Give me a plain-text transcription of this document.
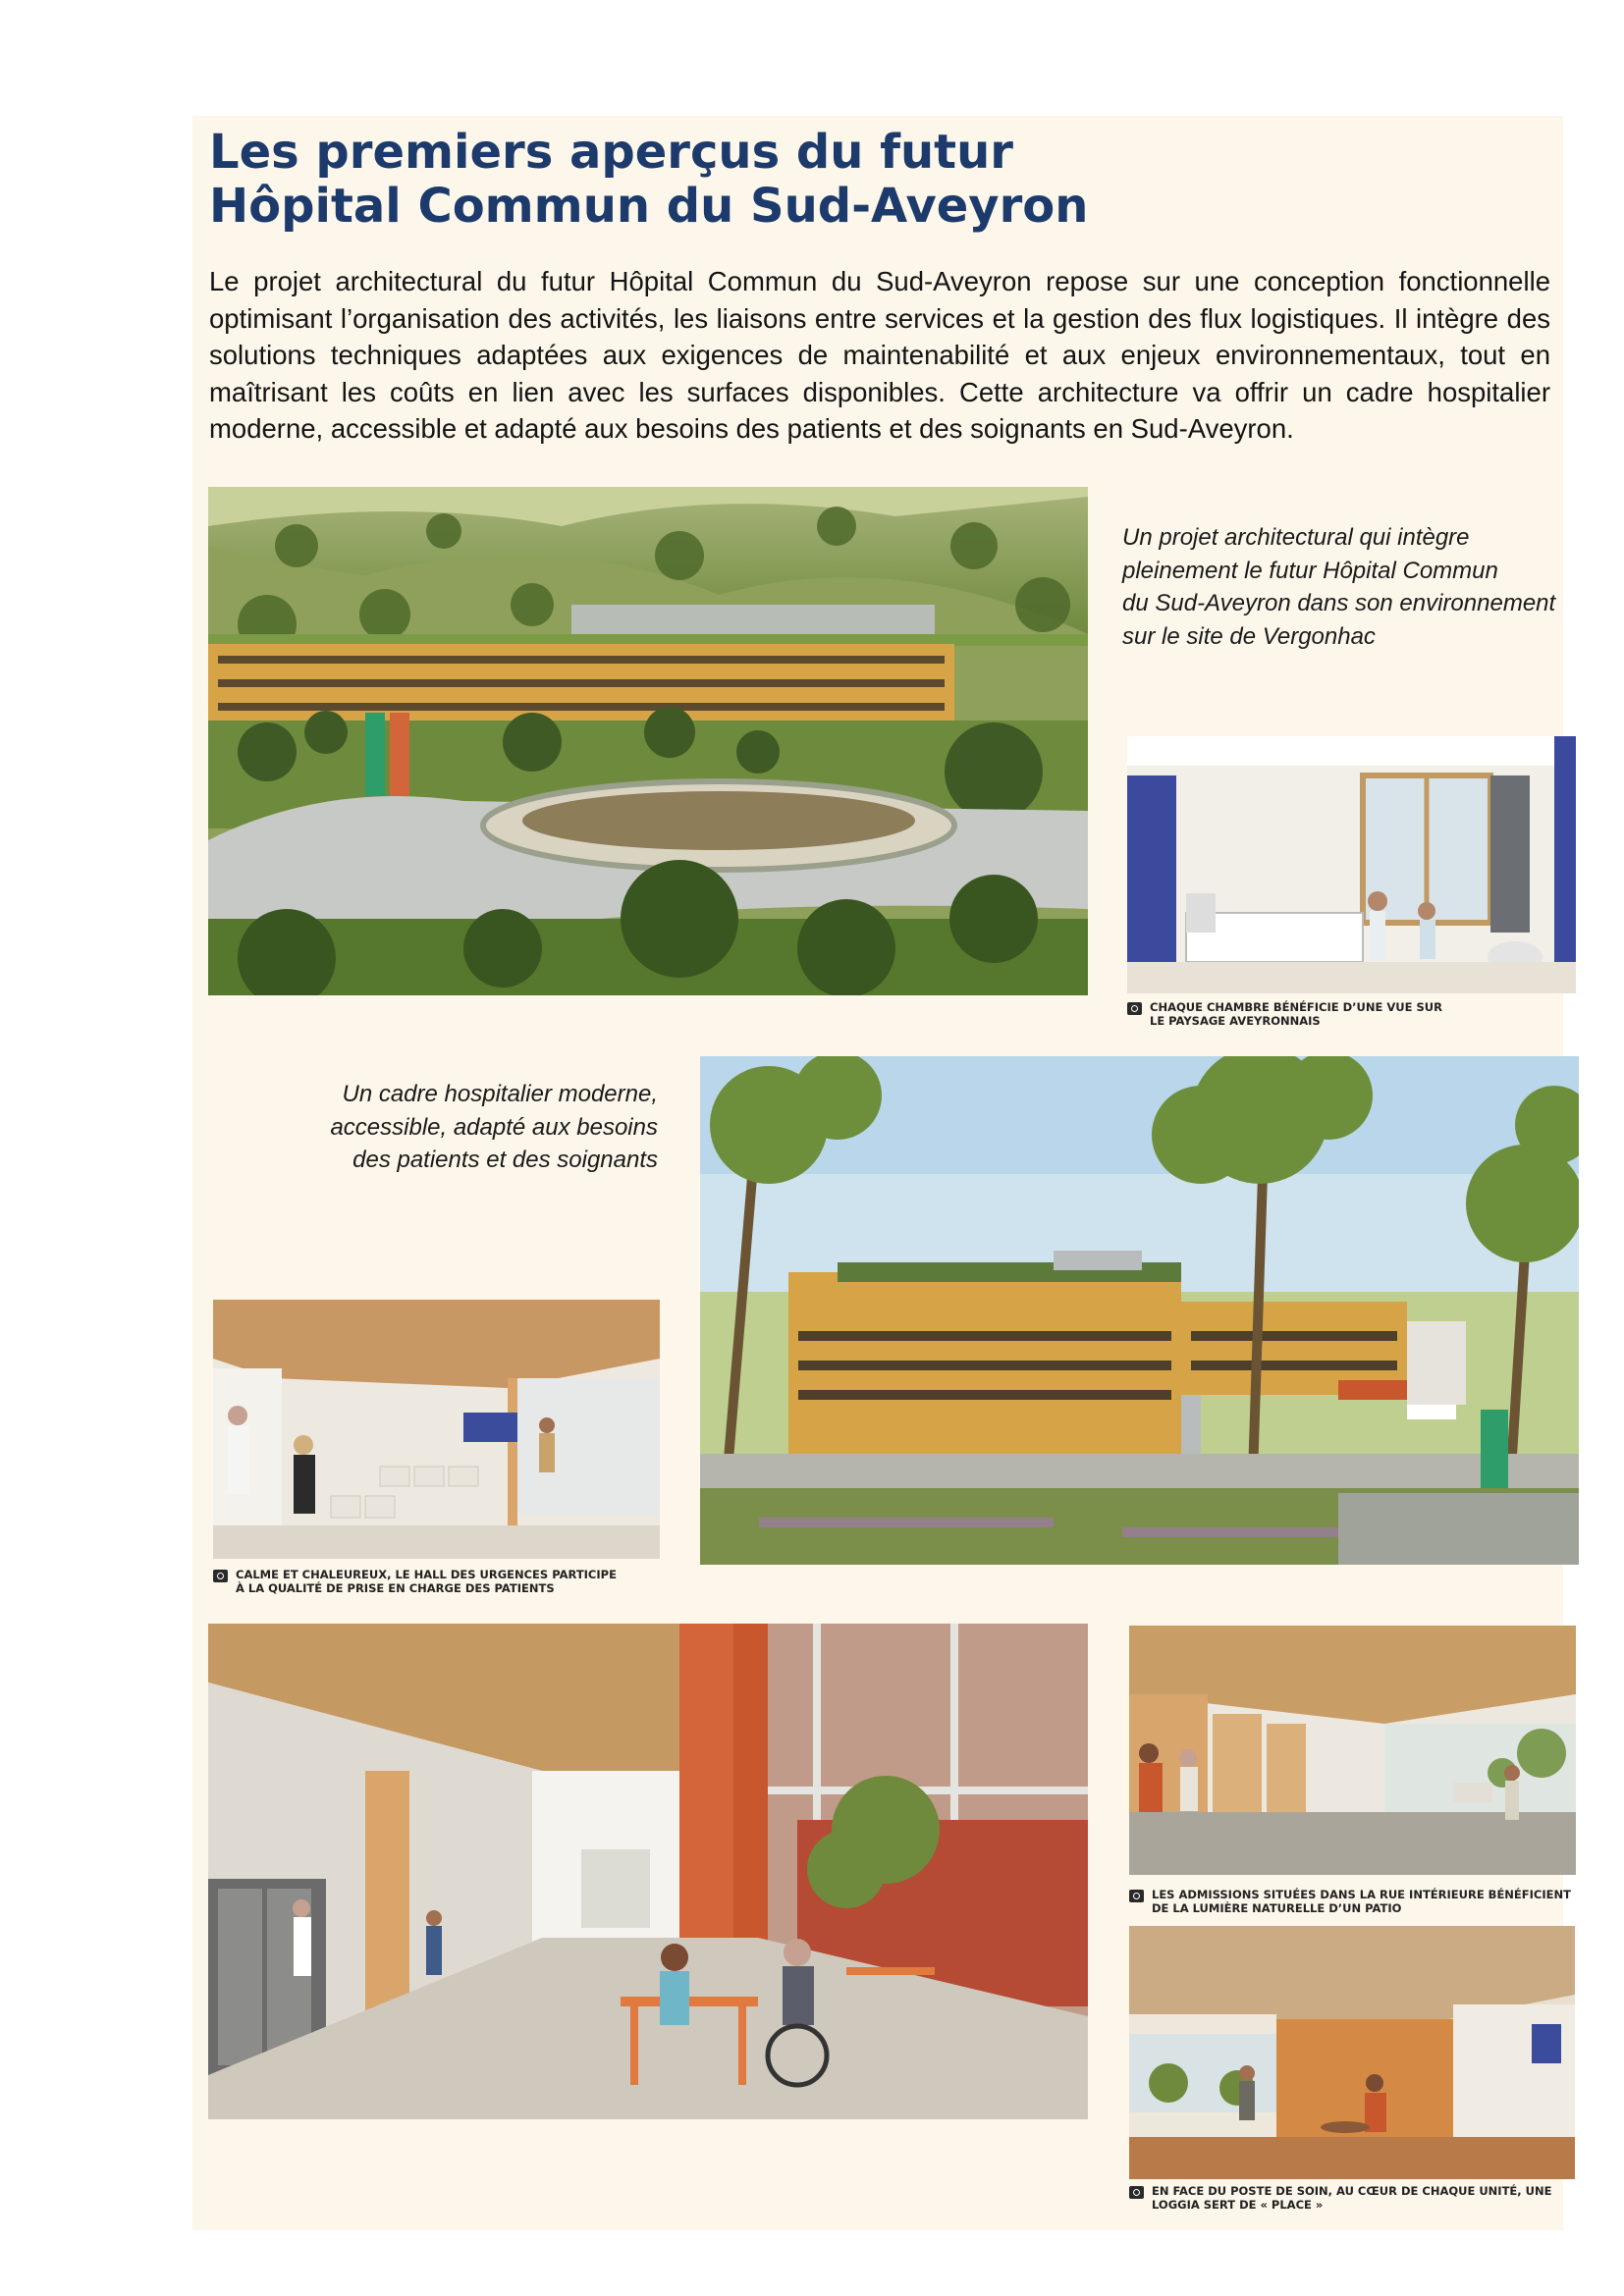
Les premiers aperçus du futur
Hôpital Commun du Sud-Aveyron
Le projet architectural du futur Hôpital Commun du Sud-Aveyron repose sur une conception fonctionnelle optimisant l’organisation des activités, les liaisons entre services et la gestion des flux logistiques. Il intègre des solutions techniques adaptées aux exigences de maintenabilité et aux enjeux environnementaux, tout en maîtrisant les coûts en lien avec les surfaces disponibles. Cette architecture va offrir un cadre hospitalier moderne, accessible et adapté aux besoins des patients et des soignants en Sud-Aveyron.
Un projet architectural qui intègre
pleinement le futur Hôpital Commun
du Sud-Aveyron dans son environnement
sur le site de Vergonhac
CHAQUE CHAMBRE BÉNÉFICIE D’UNE VUE SUR LE PAYSAGE AVEYRONNAIS
Un cadre hospitalier moderne,
accessible, adapté aux besoins
des patients et des soignants
CALME ET CHALEUREUX, LE HALL DES URGENCES PARTICIPE À LA QUALITÉ DE PRISE EN CHARGE DES PATIENTS
LES ADMISSIONS SITUÉES DANS LA RUE INTÉRIEURE BÉNÉFICIENT DE LA LUMIÈRE NATURELLE D’UN PATIO
EN FACE DU POSTE DE SOIN, AU CŒUR DE CHAQUE UNITÉ, UNE LOGGIA SERT DE « PLACE »
